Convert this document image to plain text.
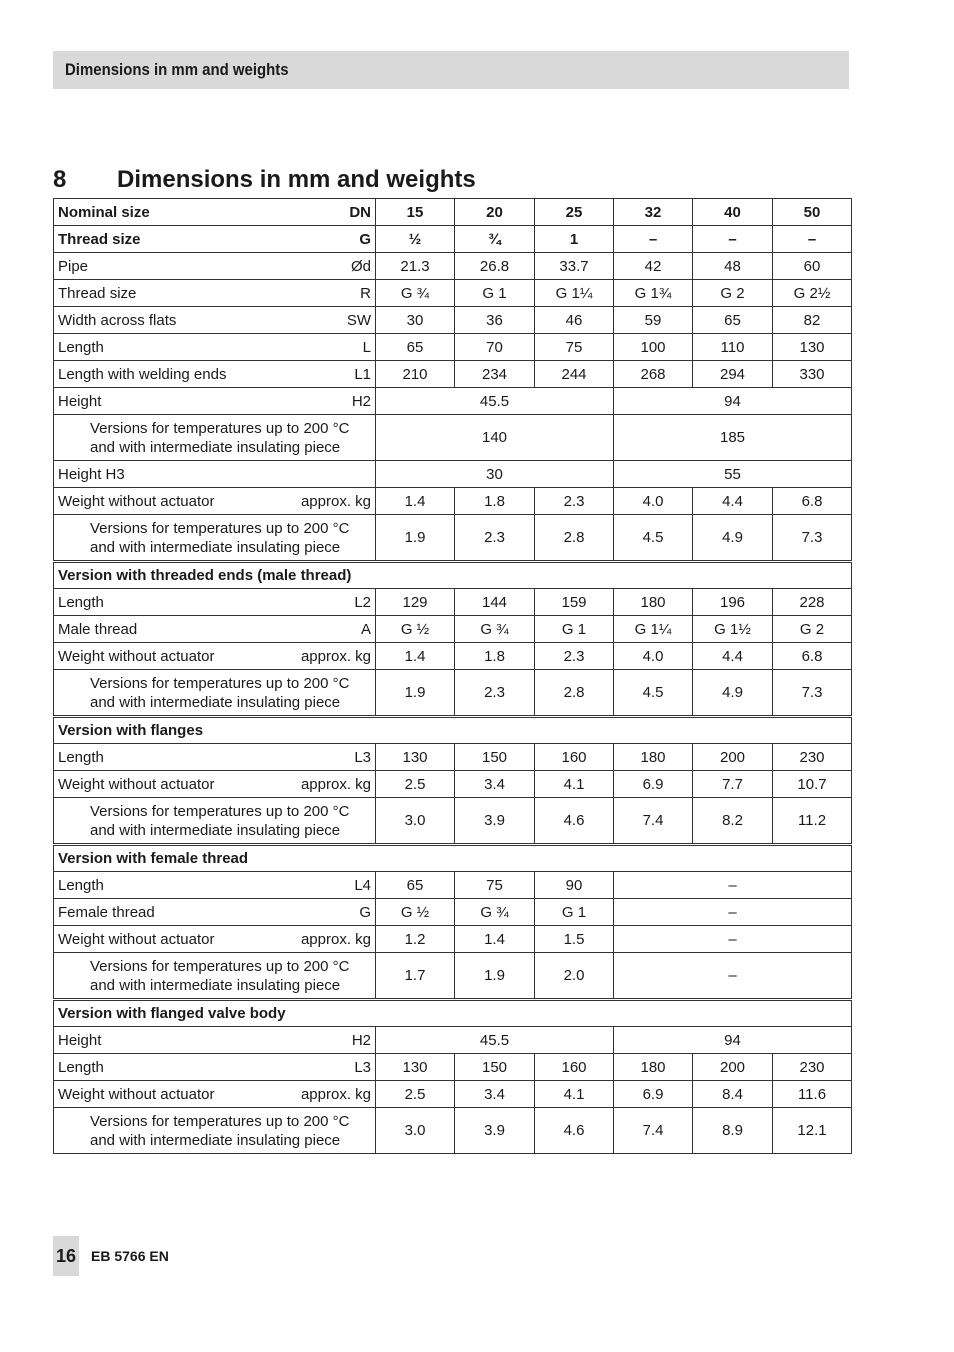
Dimensions in mm and weights
8	Dimensions in mm and weights
Nominal size DN	15	20	25	32	40	50

Thread size G	½	¾	1	–	–	–

Pipe Ød	21.3	26.8	33.7	42	48	60

Thread size R	G ¾	G 1	G 1¼	G 1¾	G 2	G 2½

Width across flats SW	30	36	46	59	65	82

Length L	65	70	75	100	110	130

Length with welding ends L1	210	234	244	268	294	330

Height H2	45.5			94		

Versions for temperatures up to 200 °C
and with intermediate insulating piece	140			185		

Height H3	30			55		

Weight without actuator approx. kg	1.4	1.8	2.3	4.0	4.4	6.8

Versions for temperatures up to 200 °C
and with intermediate insulating piece	1.9	2.3	2.8	4.5	4.9	7.3
Version with threaded ends (male thread)						

Length L2	129	144	159	180	196	228

Male thread A	G ½	G ¾	G 1	G 1¼	G 1½	G 2

Weight without actuator approx. kg	1.4	1.8	2.3	4.0	4.4	6.8

Versions for temperatures up to 200 °C
and with intermediate insulating piece	1.9	2.3	2.8	4.5	4.9	7.3
Version with flanges						

Length L3	130	150	160	180	200	230

Weight without actuator approx. kg	2.5	3.4	4.1	6.9	7.7	10.7

Versions for temperatures up to 200 °C
and with intermediate insulating piece	3.0	3.9	4.6	7.4	8.2	11.2
Version with female thread						

Length L4	65	75	90	–		

Female thread G	G ½	G ¾	G 1	–		

Weight without actuator approx. kg	1.2	1.4	1.5	–		

Versions for temperatures up to 200 °C
and with intermediate insulating piece	1.7	1.9	2.0	–		
Version with flanged valve body						

Height H2	45.5			94		

Length L3	130	150	160	180	200	230

Weight without actuator approx. kg	2.5	3.4	4.1	6.9	8.4	11.6

Versions for temperatures up to 200 °C
and with intermediate insulating piece	3.0	3.9	4.6	7.4	8.9	12.1
16 EB 5766 EN
